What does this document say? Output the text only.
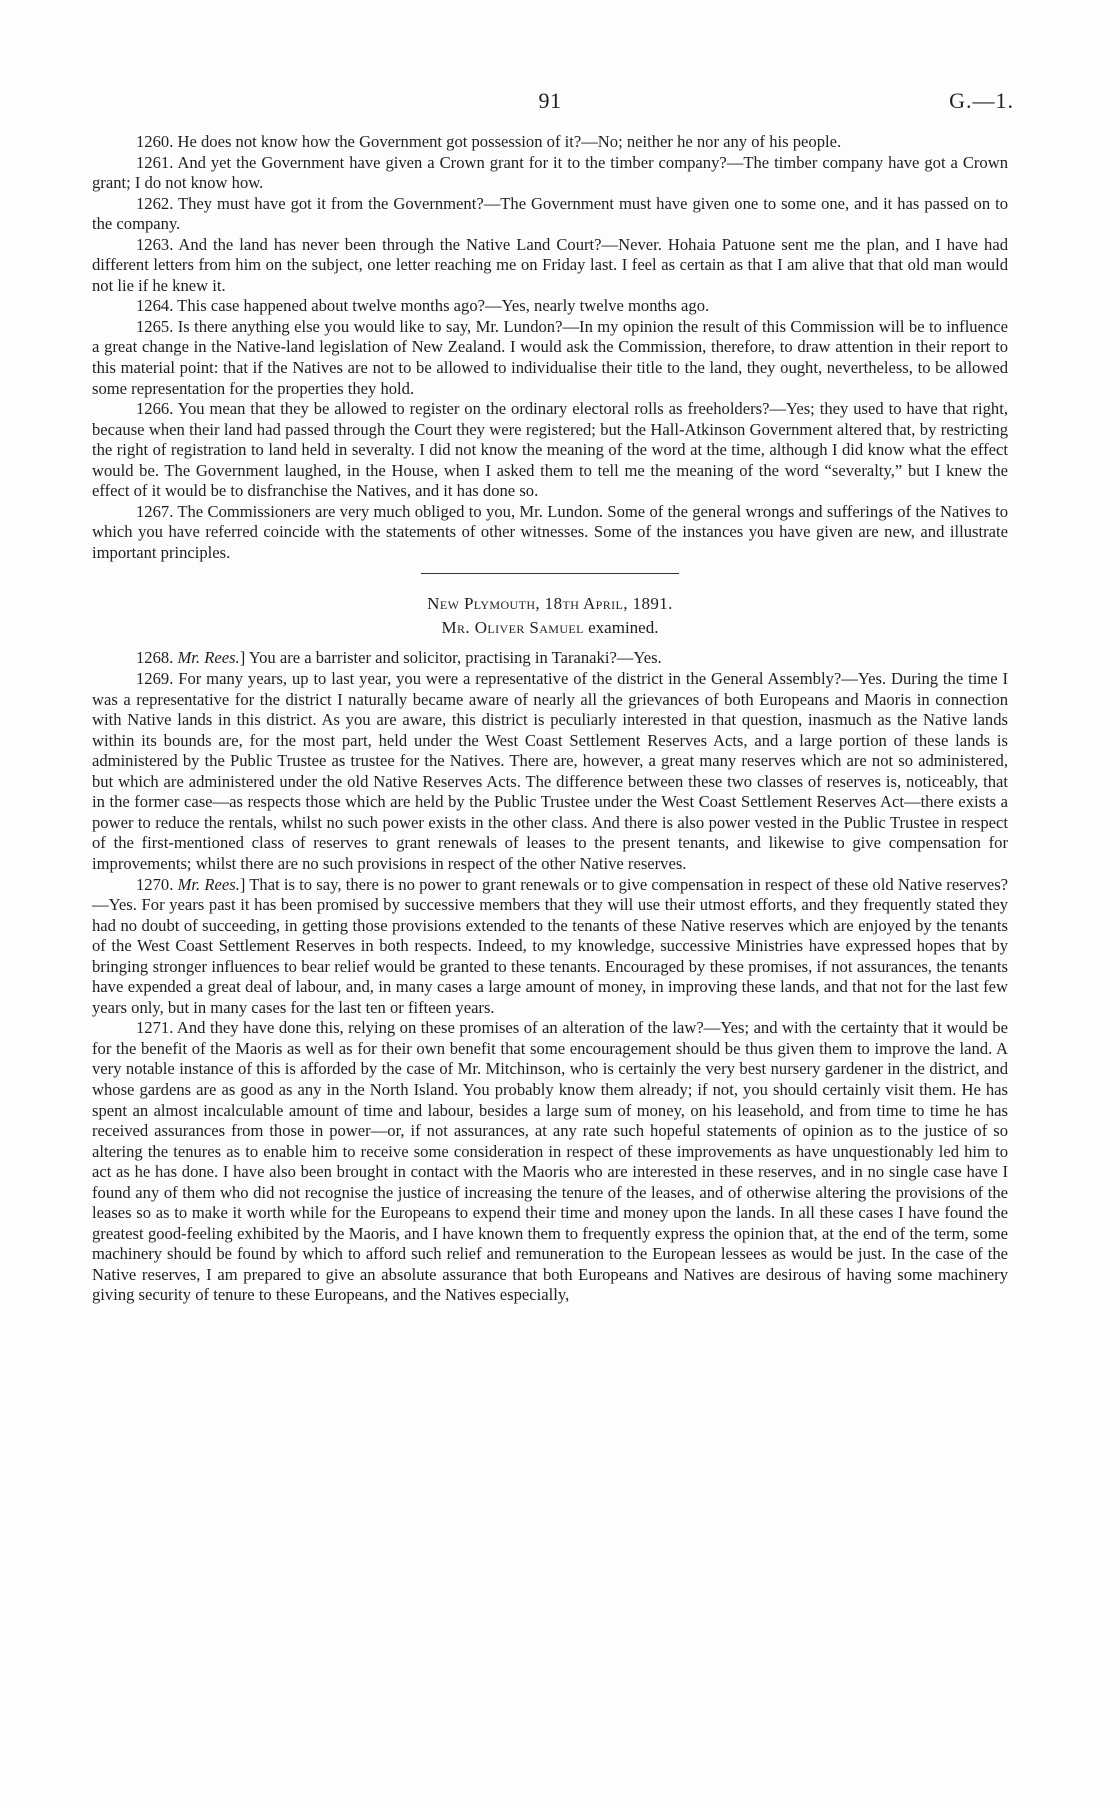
91	G.—1.

1260. He does not know how the Government got possession of it?—No; neither he nor any of his people.

1261. And yet the Government have given a Crown grant for it to the timber company?—The timber company have got a Crown grant; I do not know how.

1262. They must have got it from the Government?—The Government must have given one to some one, and it has passed on to the company.

1263. And the land has never been through the Native Land Court?—Never. Hohaia Patuone sent me the plan, and I have had different letters from him on the subject, one letter reaching me on Friday last. I feel as certain as that I am alive that that old man would not lie if he knew it.

1264. This case happened about twelve months ago?—Yes, nearly twelve months ago.

1265. Is there anything else you would like to say, Mr. Lundon?—In my opinion the result of this Commission will be to influence a great change in the Native-land legislation of New Zealand. I would ask the Commission, therefore, to draw attention in their report to this material point: that if the Natives are not to be allowed to individualise their title to the land, they ought, nevertheless, to be allowed some representation for the properties they hold.

1266. You mean that they be allowed to register on the ordinary electoral rolls as freeholders?—Yes; they used to have that right, because when their land had passed through the Court they were registered; but the Hall-Atkinson Government altered that, by restricting the right of registration to land held in severalty. I did not know the meaning of the word at the time, although I did know what the effect would be. The Government laughed, in the House, when I asked them to tell me the meaning of the word “severalty,” but I knew the effect of it would be to disfranchise the Natives, and it has done so.

1267. The Commissioners are very much obliged to you, Mr. Lundon. Some of the general wrongs and sufferings of the Natives to which you have referred coincide with the statements of other witnesses. Some of the instances you have given are new, and illustrate important principles.

New Plymouth, 18th April, 1891.

Mr. Oliver Samuel examined.

1268. Mr. Rees.] You are a barrister and solicitor, practising in Taranaki?—Yes.

1269. For many years, up to last year, you were a representative of the district in the General Assembly?—Yes. During the time I was a representative for the district I naturally became aware of nearly all the grievances of both Europeans and Maoris in connection with Native lands in this district. As you are aware, this district is peculiarly interested in that question, inasmuch as the Native lands within its bounds are, for the most part, held under the West Coast Settlement Reserves Acts, and a large portion of these lands is administered by the Public Trustee as trustee for the Natives. There are, however, a great many reserves which are not so administered, but which are administered under the old Native Reserves Acts. The difference between these two classes of reserves is, noticeably, that in the former case—as respects those which are held by the Public Trustee under the West Coast Settlement Reserves Act—there exists a power to reduce the rentals, whilst no such power exists in the other class. And there is also power vested in the Public Trustee in respect of the first-mentioned class of reserves to grant renewals of leases to the present tenants, and likewise to give compensation for improvements; whilst there are no such provisions in respect of the other Native reserves.

1270. Mr. Rees.] That is to say, there is no power to grant renewals or to give compensation in respect of these old Native reserves?—Yes. For years past it has been promised by successive members that they will use their utmost efforts, and they frequently stated they had no doubt of succeeding, in getting those provisions extended to the tenants of these Native reserves which are enjoyed by the tenants of the West Coast Settlement Reserves in both respects. Indeed, to my knowledge, successive Ministries have expressed hopes that by bringing stronger influences to bear relief would be granted to these tenants. Encouraged by these promises, if not assurances, the tenants have expended a great deal of labour, and, in many cases a large amount of money, in improving these lands, and that not for the last few years only, but in many cases for the last ten or fifteen years.

1271. And they have done this, relying on these promises of an alteration of the law?—Yes; and with the certainty that it would be for the benefit of the Maoris as well as for their own benefit that some encouragement should be thus given them to improve the land. A very notable instance of this is afforded by the case of Mr. Mitchinson, who is certainly the very best nursery gardener in the district, and whose gardens are as good as any in the North Island. You probably know them already; if not, you should certainly visit them. He has spent an almost incalculable amount of time and labour, besides a large sum of money, on his leasehold, and from time to time he has received assurances from those in power—or, if not assurances, at any rate such hopeful statements of opinion as to the justice of so altering the tenures as to enable him to receive some consideration in respect of these improvements as have unquestionably led him to act as he has done. I have also been brought in contact with the Maoris who are interested in these reserves, and in no single case have I found any of them who did not recognise the justice of increasing the tenure of the leases, and of otherwise altering the provisions of the leases so as to make it worth while for the Europeans to expend their time and money upon the lands. In all these cases I have found the greatest good-feeling exhibited by the Maoris, and I have known them to frequently express the opinion that, at the end of the term, some machinery should be found by which to afford such relief and remuneration to the European lessees as would be just. In the case of the Native reserves, I am prepared to give an absolute assurance that both Europeans and Natives are desirous of having some machinery giving security of tenure to these Europeans, and the Natives especially,
